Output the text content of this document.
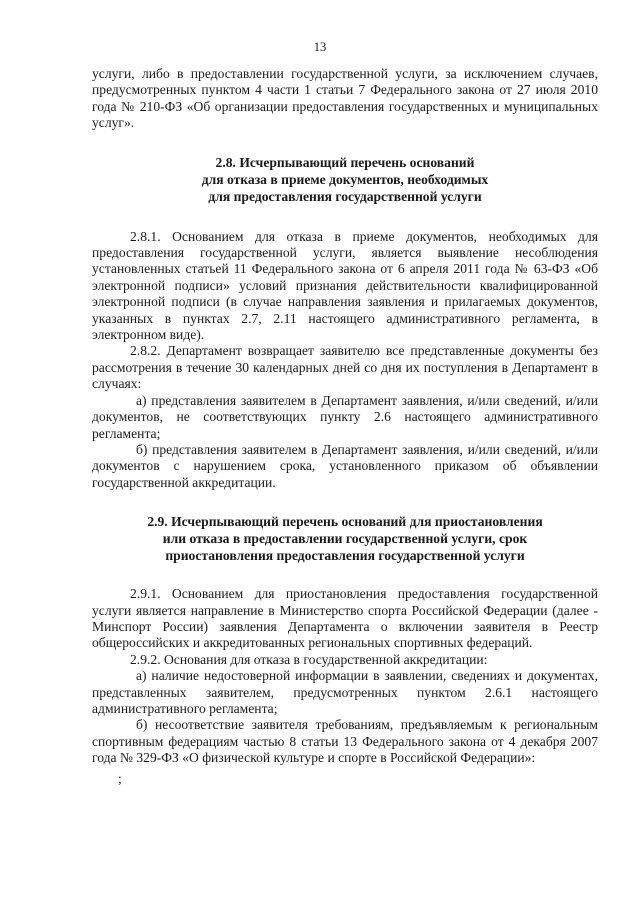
13

услуги, либо в предоставлении государственной услуги, за исключением случаев, предусмотренных пунктом 4 части 1 статьи 7 Федерального закона от 27 июля 2010 года № 210-ФЗ «Об организации предоставления государственных и муниципальных услуг».

2.8. Исчерпывающий перечень оснований
для отказа в приеме документов, необходимых
для предоставления государственной услуги

2.8.1. Основанием для отказа в приеме документов, необходимых для предоставления государственной услуги, является выявление несоблюдения установленных статьей 11 Федерального закона от 6 апреля 2011 года № 63-ФЗ «Об электронной подписи» условий признания действительности квалифицированной электронной подписи (в случае направления заявления и прилагаемых документов, указанных в пунктах 2.7, 2.11 настоящего административного регламента, в электронном виде).

2.8.2. Департамент возвращает заявителю все представленные документы без рассмотрения в течение 30 календарных дней со дня их поступления в Департамент в случаях:

а) представления заявителем в Департамент заявления, и/или сведений, и/или документов, не соответствующих пункту 2.6 настоящего административного регламента;

б) представления заявителем в Департамент заявления, и/или сведений, и/или документов с нарушением срока, установленного приказом об объявлении государственной аккредитации.

2.9. Исчерпывающий перечень оснований для приостановления
или отказа в предоставлении государственной услуги, срок
приостановления предоставления государственной услуги

2.9.1. Основанием для приостановления предоставления государственной услуги является направление в Министерство спорта Российской Федерации (далее - Минспорт России) заявления Департамента о включении заявителя в Реестр общероссийских и аккредитованных региональных спортивных федераций.

2.9.2. Основания для отказа в государственной аккредитации:

а) наличие недостоверной информации в заявлении, сведениях и документах, представленных заявителем, предусмотренных пунктом 2.6.1 настоящего административного регламента;

б) несоответствие заявителя требованиям, предъявляемым к региональным спортивным федерациям частью 8 статьи 13 Федерального закона от 4 декабря 2007 года № 329-ФЗ «О физической культуре и спорте в Российской Федерации»:

;
